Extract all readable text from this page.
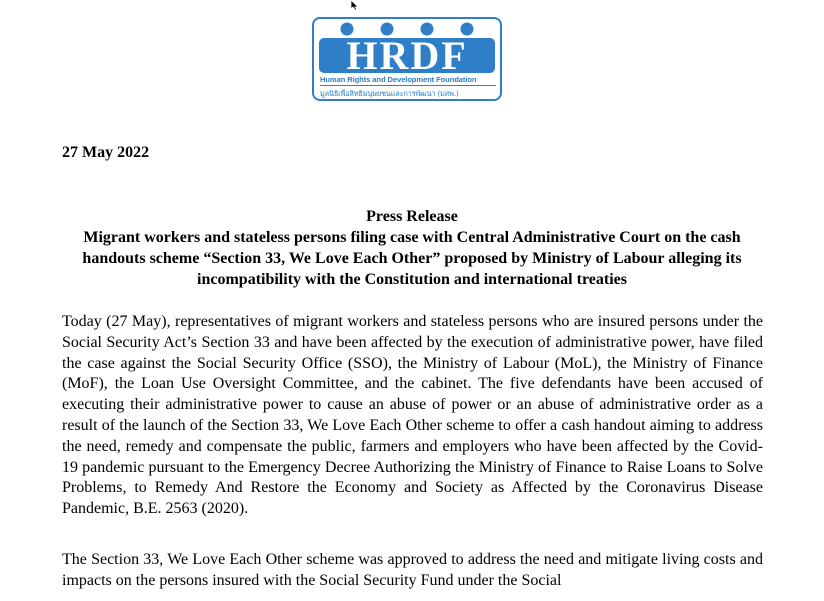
HRDF
Human Rights and Development Foundation
มูลนิธิเพื่อสิทธิมนุษยชนและการพัฒนา (มสพ.)
27 May 2022
Press Release
Migrant workers and stateless persons filing case with Central Administrative Court on the cash handouts scheme “Section 33, We Love Each Other” proposed by Ministry of Labour alleging its incompatibility with the Constitution and international treaties
Today (27 May), representatives of migrant workers and stateless persons who are insured persons under the Social Security Act’s Section 33 and have been affected by the execution of administrative power, have filed the case against the Social Security Office (SSO), the Ministry of Labour (MoL), the Ministry of Finance (MoF), the Loan Use Oversight Committee, and the cabinet. The five defendants have been accused of executing their administrative power to cause an abuse of power or an abuse of administrative order as a result of the launch of the Section 33, We Love Each Other scheme to offer a cash handout aiming to address the need, remedy and compensate the public, farmers and employers who have been affected by the Covid-19 pandemic pursuant to the Emergency Decree Authorizing the Ministry of Finance to Raise Loans to Solve Problems, to Remedy And Restore the Economy and Society as Affected by the Coronavirus Disease Pandemic, B.E. 2563 (2020).
The Section 33, We Love Each Other scheme was approved to address the need and mitigate living costs and impacts on the persons insured with the Social Security Fund under the Social
